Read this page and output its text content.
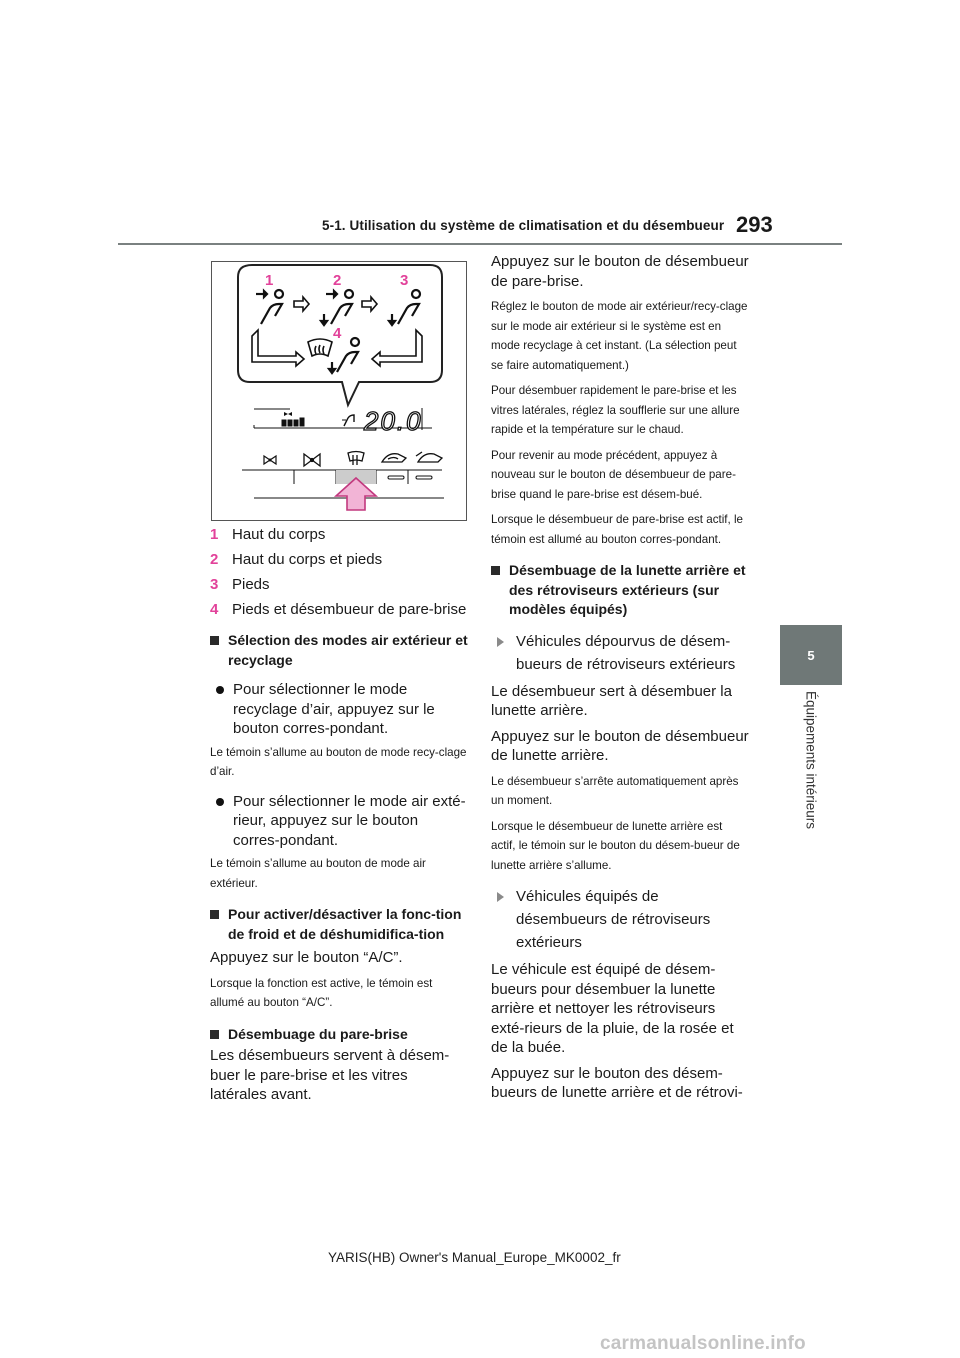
5-1. Utilisation du système de climatisation et du désembueur 293
5
Équipements intérieurs
1	2	3
4
20.0

1 Haut du corps

2 Haut du corps et pieds

3 Pieds

4 Pieds et désembueur de pare-brise

Sélection des modes air extérieur et recyclage

Pour sélectionner le mode recyclage d’air, appuyez sur le bouton corres-pondant.

Le témoin s’allume au bouton de mode recy-clage d’air.

Pour sélectionner le mode air exté-rieur, appuyez sur le bouton corres-pondant.

Le témoin s’allume au bouton de mode air extérieur.

Pour activer/désactiver la fonc-tion de froid et de déshumidifica-tion

Appuyez sur le bouton “A/C”.

Lorsque la fonction est active, le témoin est allumé au bouton “A/C”.

Désembuage du pare-brise

Les désembueurs servent à désem-buer le pare-brise et les vitres latérales avant.

Appuyez sur le bouton de désembueur de pare-brise.

Réglez le bouton de mode air extérieur/recy-clage sur le mode air extérieur si le système est en mode recyclage à cet instant. (La sélection peut se faire automatiquement.)

Pour désembuer rapidement le pare-brise et les vitres latérales, réglez la soufflerie sur une allure rapide et la température sur le chaud.

Pour revenir au mode précédent, appuyez à nouveau sur le bouton de désembueur de pare-brise quand le pare-brise est désem-bué.

Lorsque le désembueur de pare-brise est actif, le témoin est allumé au bouton corres-pondant.

Désembuage de la lunette arrière et des rétroviseurs extérieurs (sur modèles équipés)

Véhicules dépourvus de désem-bueurs de rétroviseurs extérieurs

Le désembueur sert à désembuer la lunette arrière.

Appuyez sur le bouton de désembueur de lunette arrière.

Le désembueur s’arrête automatiquement après un moment.

Lorsque le désembueur de lunette arrière est actif, le témoin sur le bouton du désem-bueur de lunette arrière s’allume.

Véhicules équipés de désembueurs de rétroviseurs extérieurs

Le véhicule est équipé de désem-bueurs pour désembuer la lunette arrière et nettoyer les rétroviseurs exté-rieurs de la pluie, de la rosée et de la buée.

Appuyez sur le bouton des désem-bueurs de lunette arrière et de rétrovi-

YARIS(HB) Owner's Manual_Europe_MK0002_fr
carmanualsonline.info
